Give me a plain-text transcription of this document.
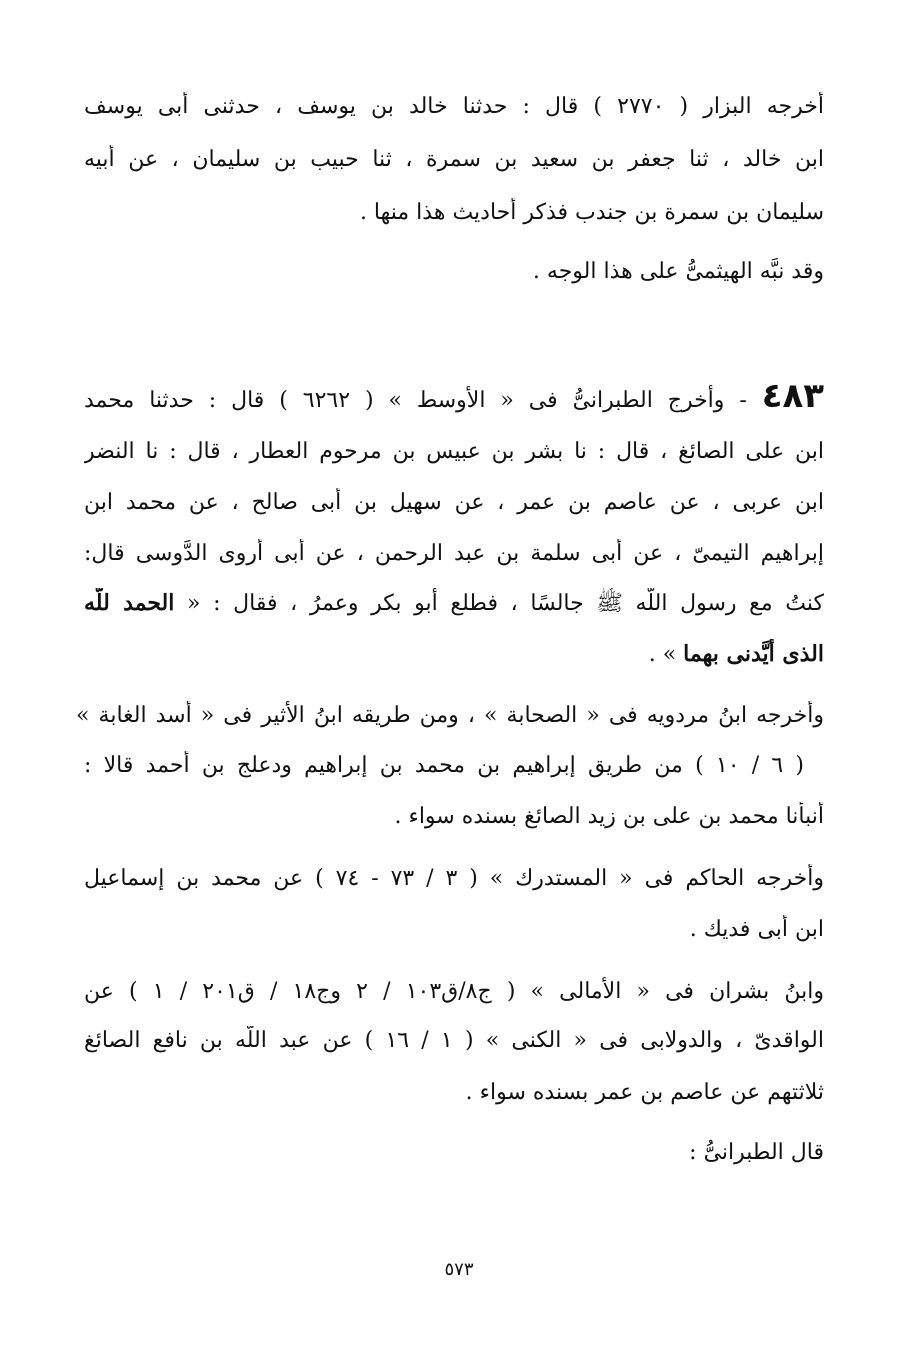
أخرجه البزار ( ٢٧٧٠ ) قال : حدثنا خالد بن يوسف ، حدثنى أبى يوسف
ابن خالد ، ثنا جعفر بن سعيد بن سمرة ، ثنا حبيب بن سليمان ، عن أبيه
سليمان بن سمرة بن جندب فذكر أحاديث هذا منها .
وقد نبَّه الهيثمىُّ على هذا الوجه .
٤٨٣ - وأخرج الطبرانىُّ فى « الأوسط » ( ٦٢٦٢ ) قال : حدثنا محمد
ابن على الصائغ ، قال : نا بشر بن عبيس بن مرحوم العطار ، قال : نا النضر
ابن عربى ، عن عاصم بن عمر ، عن سهيل بن أبى صالح ، عن محمد ابن
إبراهيم التيمىّ ، عن أبى سلمة بن عبد الرحمن ، عن أبى أروى الدَّوسى قال:
كنتُ مع رسول اللَّه ﷺ جالسًا ، فطلع أبو بكر وعمرُ ، فقال : « الحمد للَّه
الذى أيَّدنى بهما » .
وأخرجه ابنُ مردويه فى « الصحابة » ، ومن طريقه ابنُ الأثير فى « أسد الغابة »
( ٦ / ١٠ ) من طريق إبراهيم بن محمد بن إبراهيم ودعلج بن أحمد قالا :
أنبأنا محمد بن على بن زيد الصائغ بسنده سواء .
وأخرجه الحاكم فى « المستدرك » ( ٣ / ٧٣ - ٧٤ ) عن محمد بن إسماعيل
ابن أبى فديك .
وابنُ بشران فى « الأمالى » ( ج٨/ق١٠٣ / ٢ وج١٨ / ق٢٠١ / ١ ) عن
الواقدىّ ، والدولابى فى « الكنى » ( ١ / ١٦ ) عن عبد اللَّه بن نافع الصائغ
ثلاثتهم عن عاصم بن عمر بسنده سواء .
قال الطبرانىُّ :
٥٧٣
